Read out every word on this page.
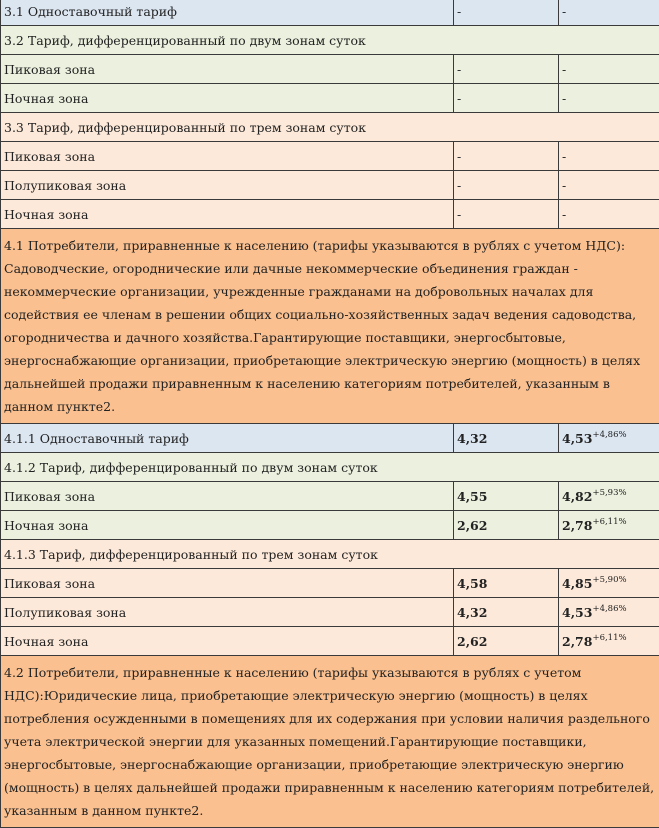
3.1 Одноставочный тариф	-	-
3.2 Тариф, дифференцированный по двум зонам суток		
Пиковая зона	-	-
Ночная зона	-	-
3.3 Тариф, дифференцированный по трем зонам суток		
Пиковая зона	-	-
Полупиковая зона	-	-
Ночная зона	-	-
4.1 Потребители, приравненные к населению (тарифы указываются в рублях с учетом НДС): Садоводческие, огороднические или дачные некоммерческие объединения граждан - некоммерческие организации, учрежденные гражданами на добровольных началах для содействия ее членам в решении общих социально-хозяйственных задач ведения садоводства, огородничества и дачного хозяйства.Гарантирующие поставщики, энергосбытовые, энергоснабжающие организации, приобретающие электрическую энергию (мощность) в целях дальнейшей продажи приравненным к населению категориям потребителей, указанным в данном пункте2.		
4.1.1 Одноставочный тариф	4,32	$4,53^{+4,86\%}$
4.1.2 Тариф, дифференцированный по двум зонам суток		
Пиковая зона	4,55	$4,82^{+5,93\%}$
Ночная зона	2,62	$2,78^{+6,11\%}$
4.1.3 Тариф, дифференцированный по трем зонам суток		
Пиковая зона	4,58	$4,85^{+5,90\%}$
Полупиковая зона	4,32	$4,53^{+4,86\%}$
Ночная зона	2,62	$2,78^{+6,11\%}$
4.2 Потребители, приравненные к населению (тарифы указываются в рублях с учетом НДС):Юридические лица, приобретающие электрическую энергию (мощность) в целях потребления осужденными в помещениях для их содержания при условии наличия раздельного учета электрической энергии для указанных помещений.Гарантирующие поставщики, энергосбытовые, энергоснабжающие организации, приобретающие электрическую энергию (мощность) в целях дальнейшей продажи приравненным к населению категориям потребителей, указанным в данном пункте2.		
